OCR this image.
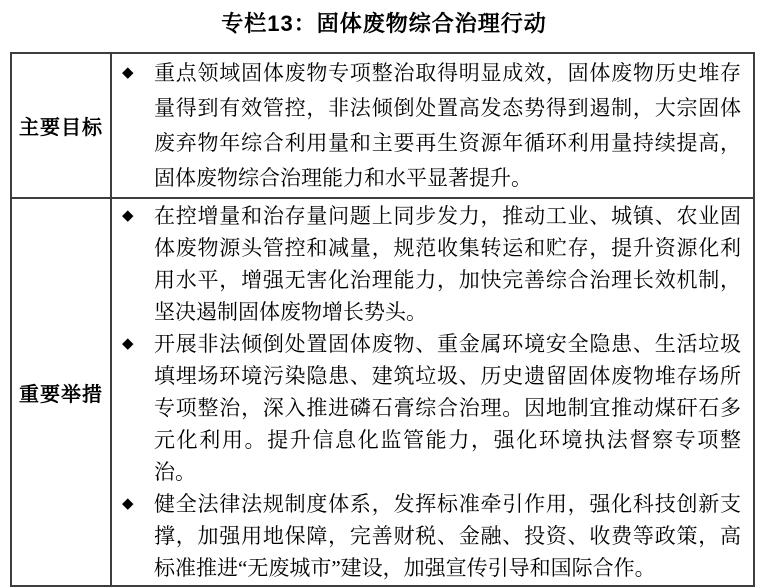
专栏13：固体废物综合治理行动
主要目标
◆ 重点领域固体废物专项整治取得明显成效，固体废物历史堆存量得到有效管控，非法倾倒处置高发态势得到遏制，大宗固体废弃物年综合利用量和主要再生资源年循环利用量持续提高，固体废物综合治理能力和水平显著提升。
重要举措
◆ 在控增量和治存量问题上同步发力，推动工业、城镇、农业固体废物源头管控和减量，规范收集转运和贮存，提升资源化利用水平，增强无害化治理能力，加快完善综合治理长效机制，坚决遏制固体废物增长势头。
◆ 开展非法倾倒处置固体废物、重金属环境安全隐患、生活垃圾填埋场环境污染隐患、建筑垃圾、历史遗留固体废物堆存场所专项整治，深入推进磷石膏综合治理。因地制宜推动煤矸石多元化利用。提升信息化监管能力，强化环境执法督察专项整治。
◆ 健全法律法规制度体系，发挥标准牵引作用，强化科技创新支撑，加强用地保障，完善财税、金融、投资、收费等政策，高标准推进“无废城市”建设，加强宣传引导和国际合作。
